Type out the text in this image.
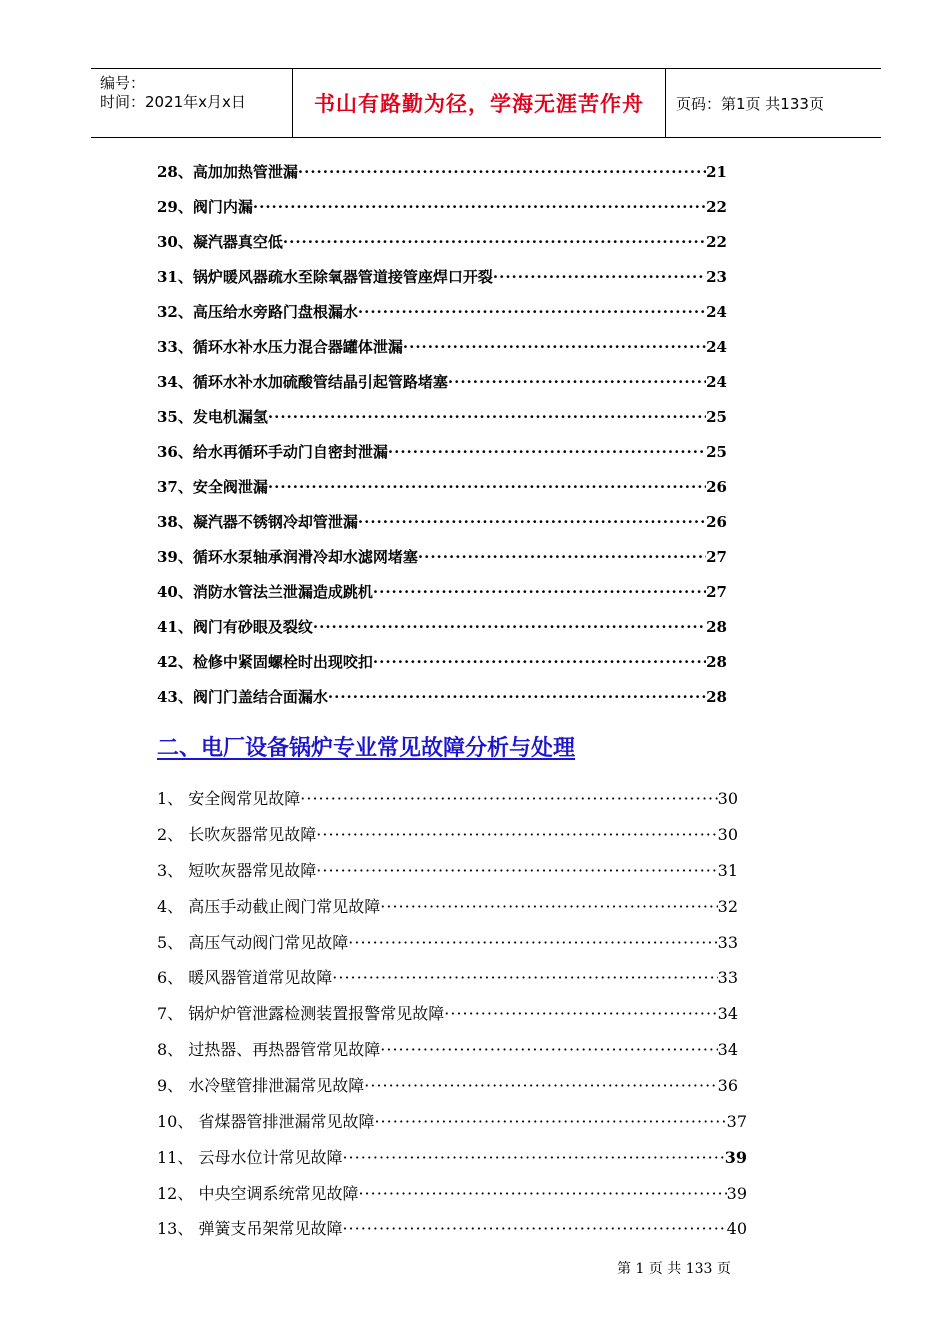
编号：
时间：2021年x月x日	书山有路勤为径，学海无涯苦作舟 页码：第1页 共133页
28、高加加热管泄漏 ·····	21
29、阀门内漏 ·····	22
30、凝汽器真空低 ·····	22
31、锅炉暖风器疏水至除氧器管道接管座焊口开裂 ·····	23
32、高压给水旁路门盘根漏水 ·····	24
33、循环水补水压力混合器罐体泄漏 ·····	24
34、循环水补水加硫酸管结晶引起管路堵塞 ·····	24
35、发电机漏氢 ·····	25
36、给水再循环手动门自密封泄漏 ·····	25
37、安全阀泄漏 ·····	26
38、凝汽器不锈钢冷却管泄漏 ·····	26
39、循环水泵轴承润滑冷却水滤网堵塞 ·····	27
40、消防水管法兰泄漏造成跳机 ·····	27
41、阀门有砂眼及裂纹 ·····	28
42、检修中紧固螺栓时出现咬扣 ·····	28
43、阀门门盖结合面漏水 ·····	28
二、电厂设备锅炉专业常见故障分析与处理
1、 安全阀常见故障 ·····	30
2、 长吹灰器常见故障 ·····	30
3、 短吹灰器常见故障 ·····	31
4、 高压手动截止阀门常见故障 ·····	32
5、 高压气动阀门常见故障 ·····	33
6、 暖风器管道常见故障 ·····	33
7、 锅炉炉管泄露检测装置报警常见故障 ·····	34
8、 过热器、再热器管常见故障 ·····	34
9、 水冷壁管排泄漏常见故障 ·····	36
10、 省煤器管排泄漏常见故障 ·····	37
11、 云母水位计常见故障 ·····	39
12、 中央空调系统常见故障 ·····	39
13、 弹簧支吊架常见故障 ·····	40
第 1 页 共 133 页
